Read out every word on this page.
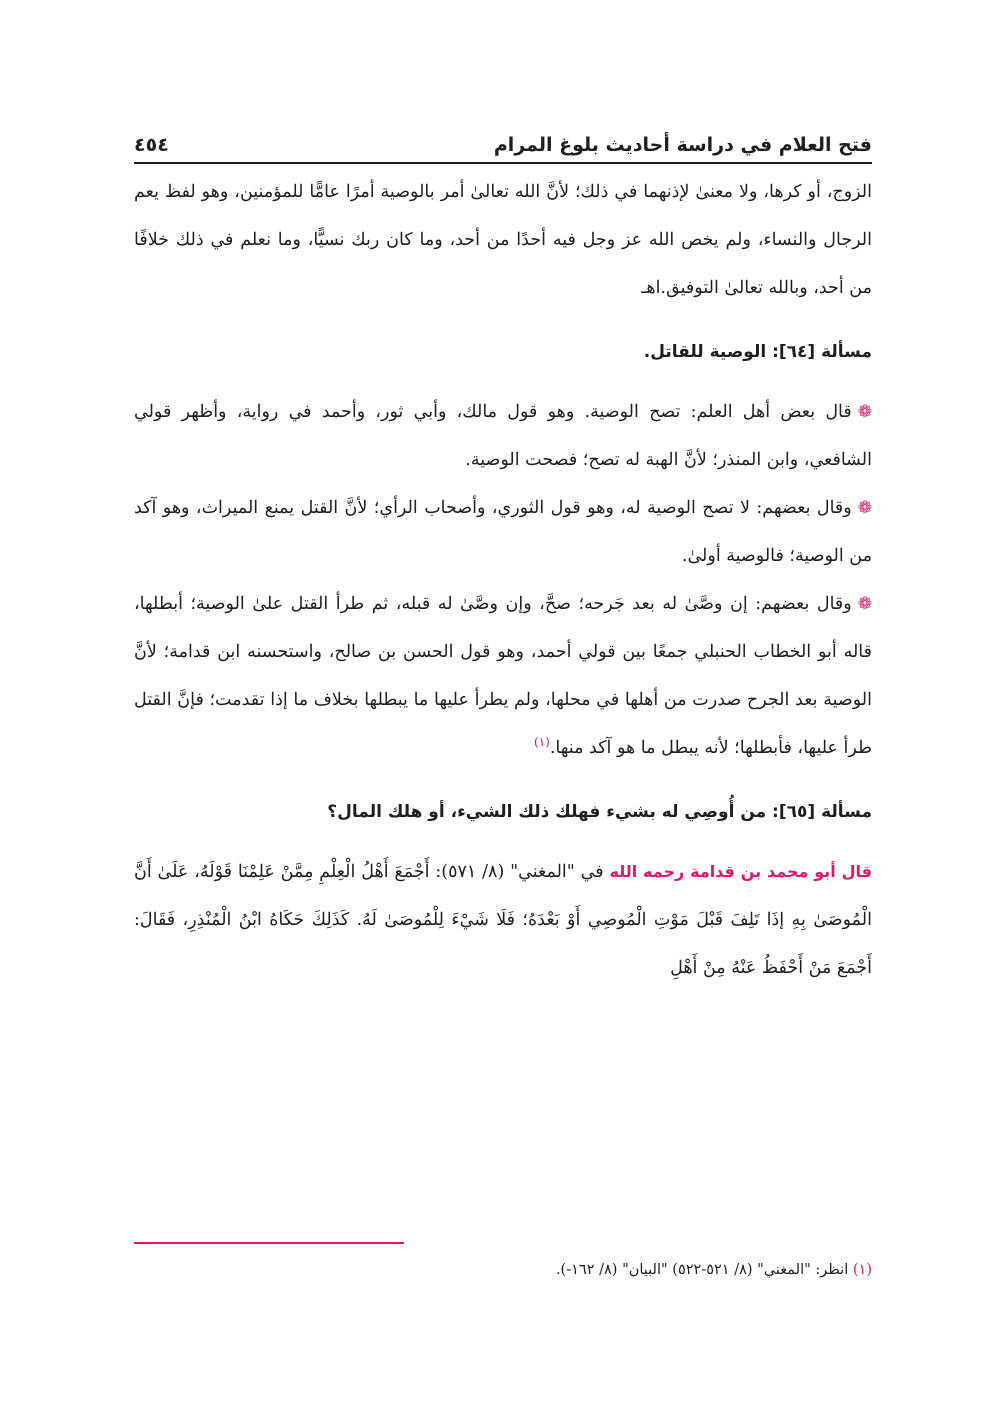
فتح العلام في دراسة أحاديث بلوغ المرام
٤٥٤

الزوج، أو كرها، ولا معنىٰ لإذنهما في ذلك؛ لأنَّ الله تعالىٰ أمر بالوصية أمرًا عامًّا للمؤمنين، وهو لفظ يعم الرجال والنساء، ولم يخص الله عز وجل فيه أحدًا من أحد، وما كان ربك نسيًّا، وما نعلم في ذلك خلافًا من أحد، وبالله تعالىٰ التوفيق.اهـ

مسألة [٦٤]: الوصية للقاتل.

❁قال بعض أهل العلم: تصح الوصية. وهو قول مالك، وأبي ثور، وأحمد في رواية، وأظهر قولي الشافعي، وابن المنذر؛ لأنَّ الهبة له تصح؛ فصحت الوصية.

❁وقال بعضهم: لا تصح الوصية له، وهو قول الثوري، وأصحاب الرأي؛ لأنَّ القتل يمنع الميراث، وهو آكد من الوصية؛ فالوصية أولىٰ.

❁وقال بعضهم: إن وصَّىٰ له بعد جَرحه؛ صحَّ، وإن وصَّىٰ له قبله، ثم طرأ القتل علىٰ الوصية؛ أبطلها، قاله أبو الخطاب الحنبلي جمعًا بين قولي أحمد، وهو قول الحسن بن صالح، واستحسنه ابن قدامة؛ لأنَّ الوصية بعد الجرح صدرت من أهلها في محلها، ولم يطرأ عليها ما يبطلها بخلاف ما إذا تقدمت؛ فإنَّ القتل طرأ عليها، فأبطلها؛ لأنه يبطل ما هو آكد منها.$^{(١)}$

مسألة [٦٥]: من أُوصِي له بشيء فهلك ذلك الشيء، أو هلك المال؟

قال أبو محمد بن قدامة رحمه الله في "المغني" (٨/ ٥٧١): أَجْمَعَ أَهْلُ الْعِلْمِ مِمَّنْ عَلِمْنَا قَوْلَهُ، عَلَىٰ أَنَّ الْمُوصَىٰ بِهِ إذَا تَلِفَ قَبْلَ مَوْتِ الْمُوصِي أَوْ بَعْدَهُ؛ فَلَا شَيْءَ لِلْمُوصَىٰ لَهُ. كَذَلِكَ حَكَاهُ ابْنُ الْمُنْذِرِ، فَقَالَ: أَجْمَعَ مَنْ أَحْفَظُ عَنْهُ مِنْ أَهْلِ

(١) انظر: "المغني" (٨/ ٥٢١-٥٢٢) "البيان" (٨/ ١٦٢-).
